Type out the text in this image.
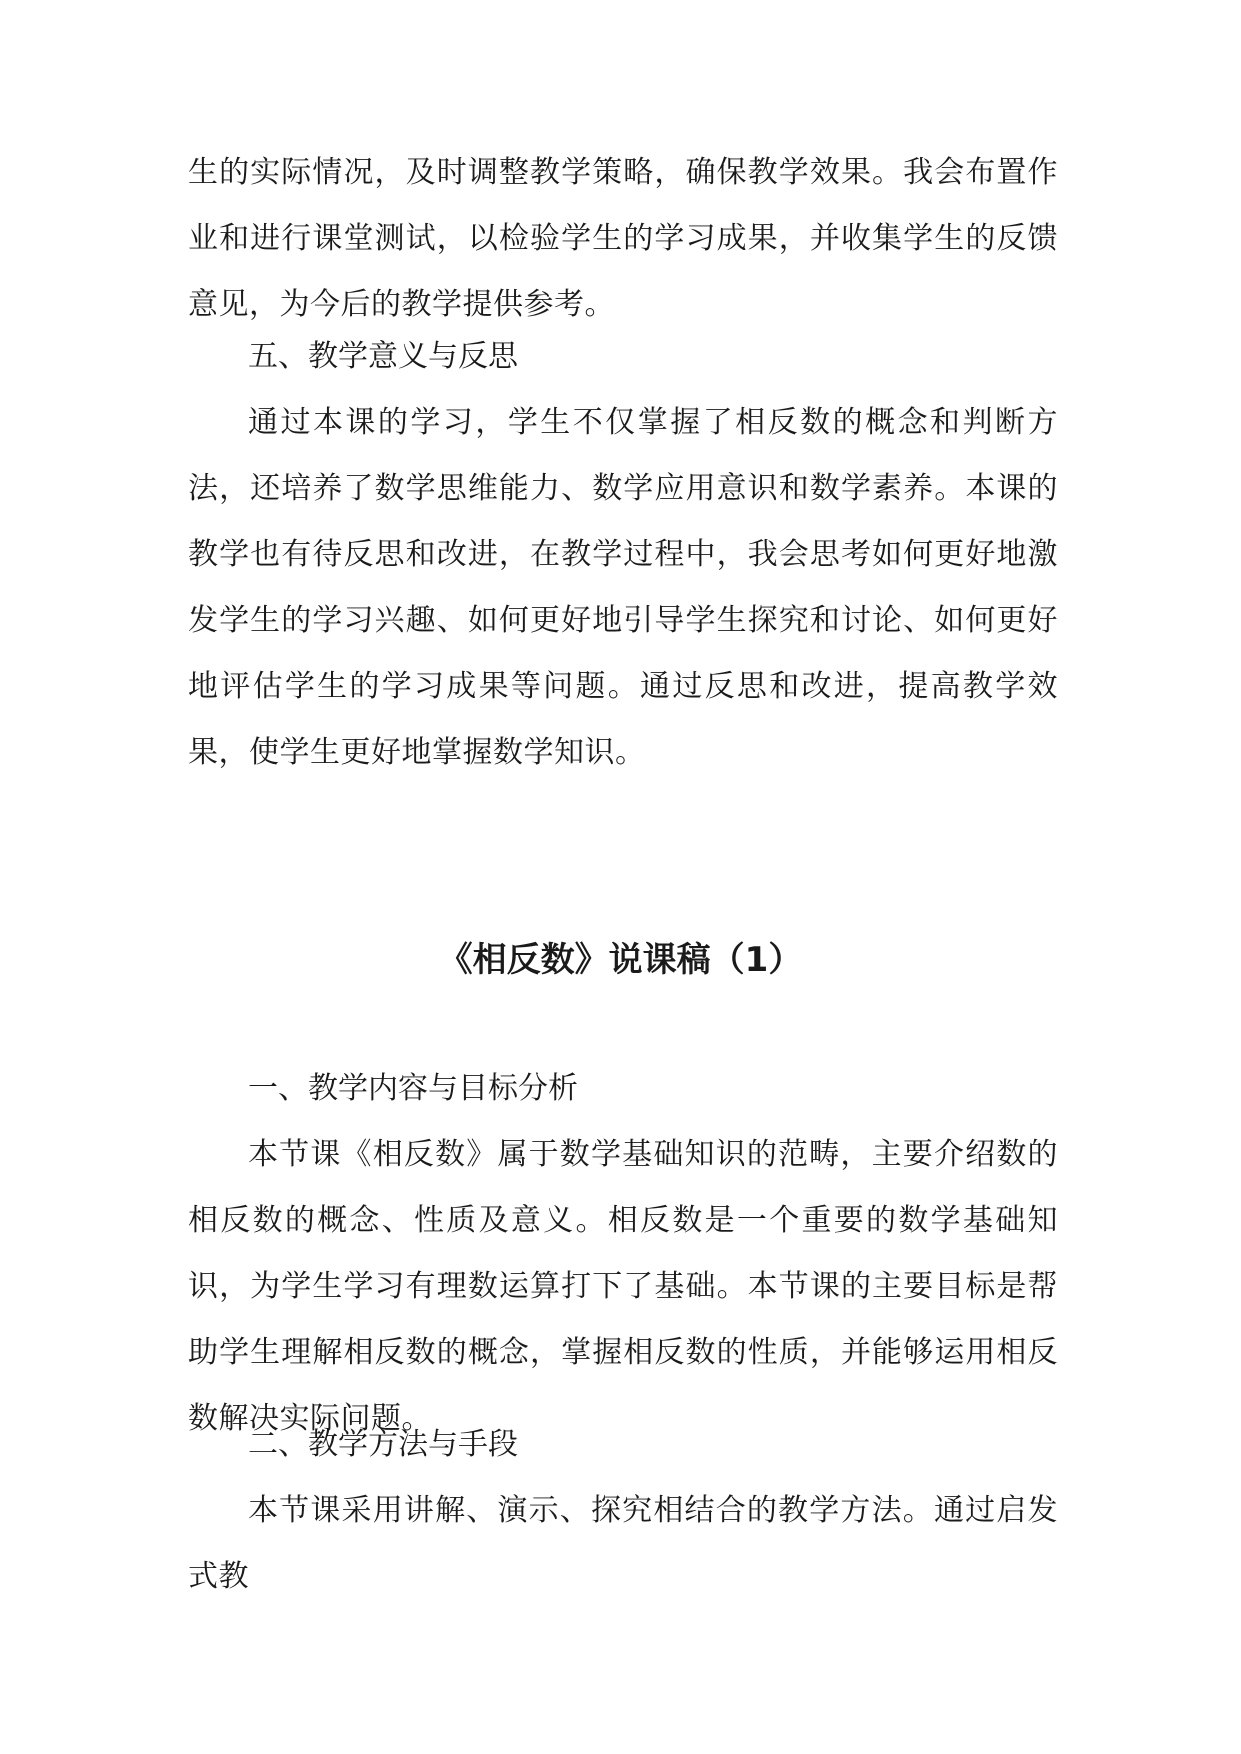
生的实际情况，及时调整教学策略，确保教学效果。我会布置作业和进行课堂测试，以检验学生的学习成果，并收集学生的反馈意见，为今后的教学提供参考。

五、教学意义与反思

通过本课的学习，学生不仅掌握了相反数的概念和判断方法，还培养了数学思维能力、数学应用意识和数学素养。本课的教学也有待反思和改进，在教学过程中，我会思考如何更好地激发学生的学习兴趣、如何更好地引导学生探究和讨论、如何更好地评估学生的学习成果等问题。通过反思和改进，提高教学效果，使学生更好地掌握数学知识。

《相反数》说课稿（1）

一、教学内容与目标分析

本节课《相反数》属于数学基础知识的范畴，主要介绍数的相反数的概念、性质及意义。相反数是一个重要的数学基础知识，为学生学习有理数运算打下了基础。本节课的主要目标是帮助学生理解相反数的概念，掌握相反数的性质，并能够运用相反数解决实际问题。

二、教学方法与手段

本节课采用讲解、演示、探究相结合的教学方法。通过启发式教
